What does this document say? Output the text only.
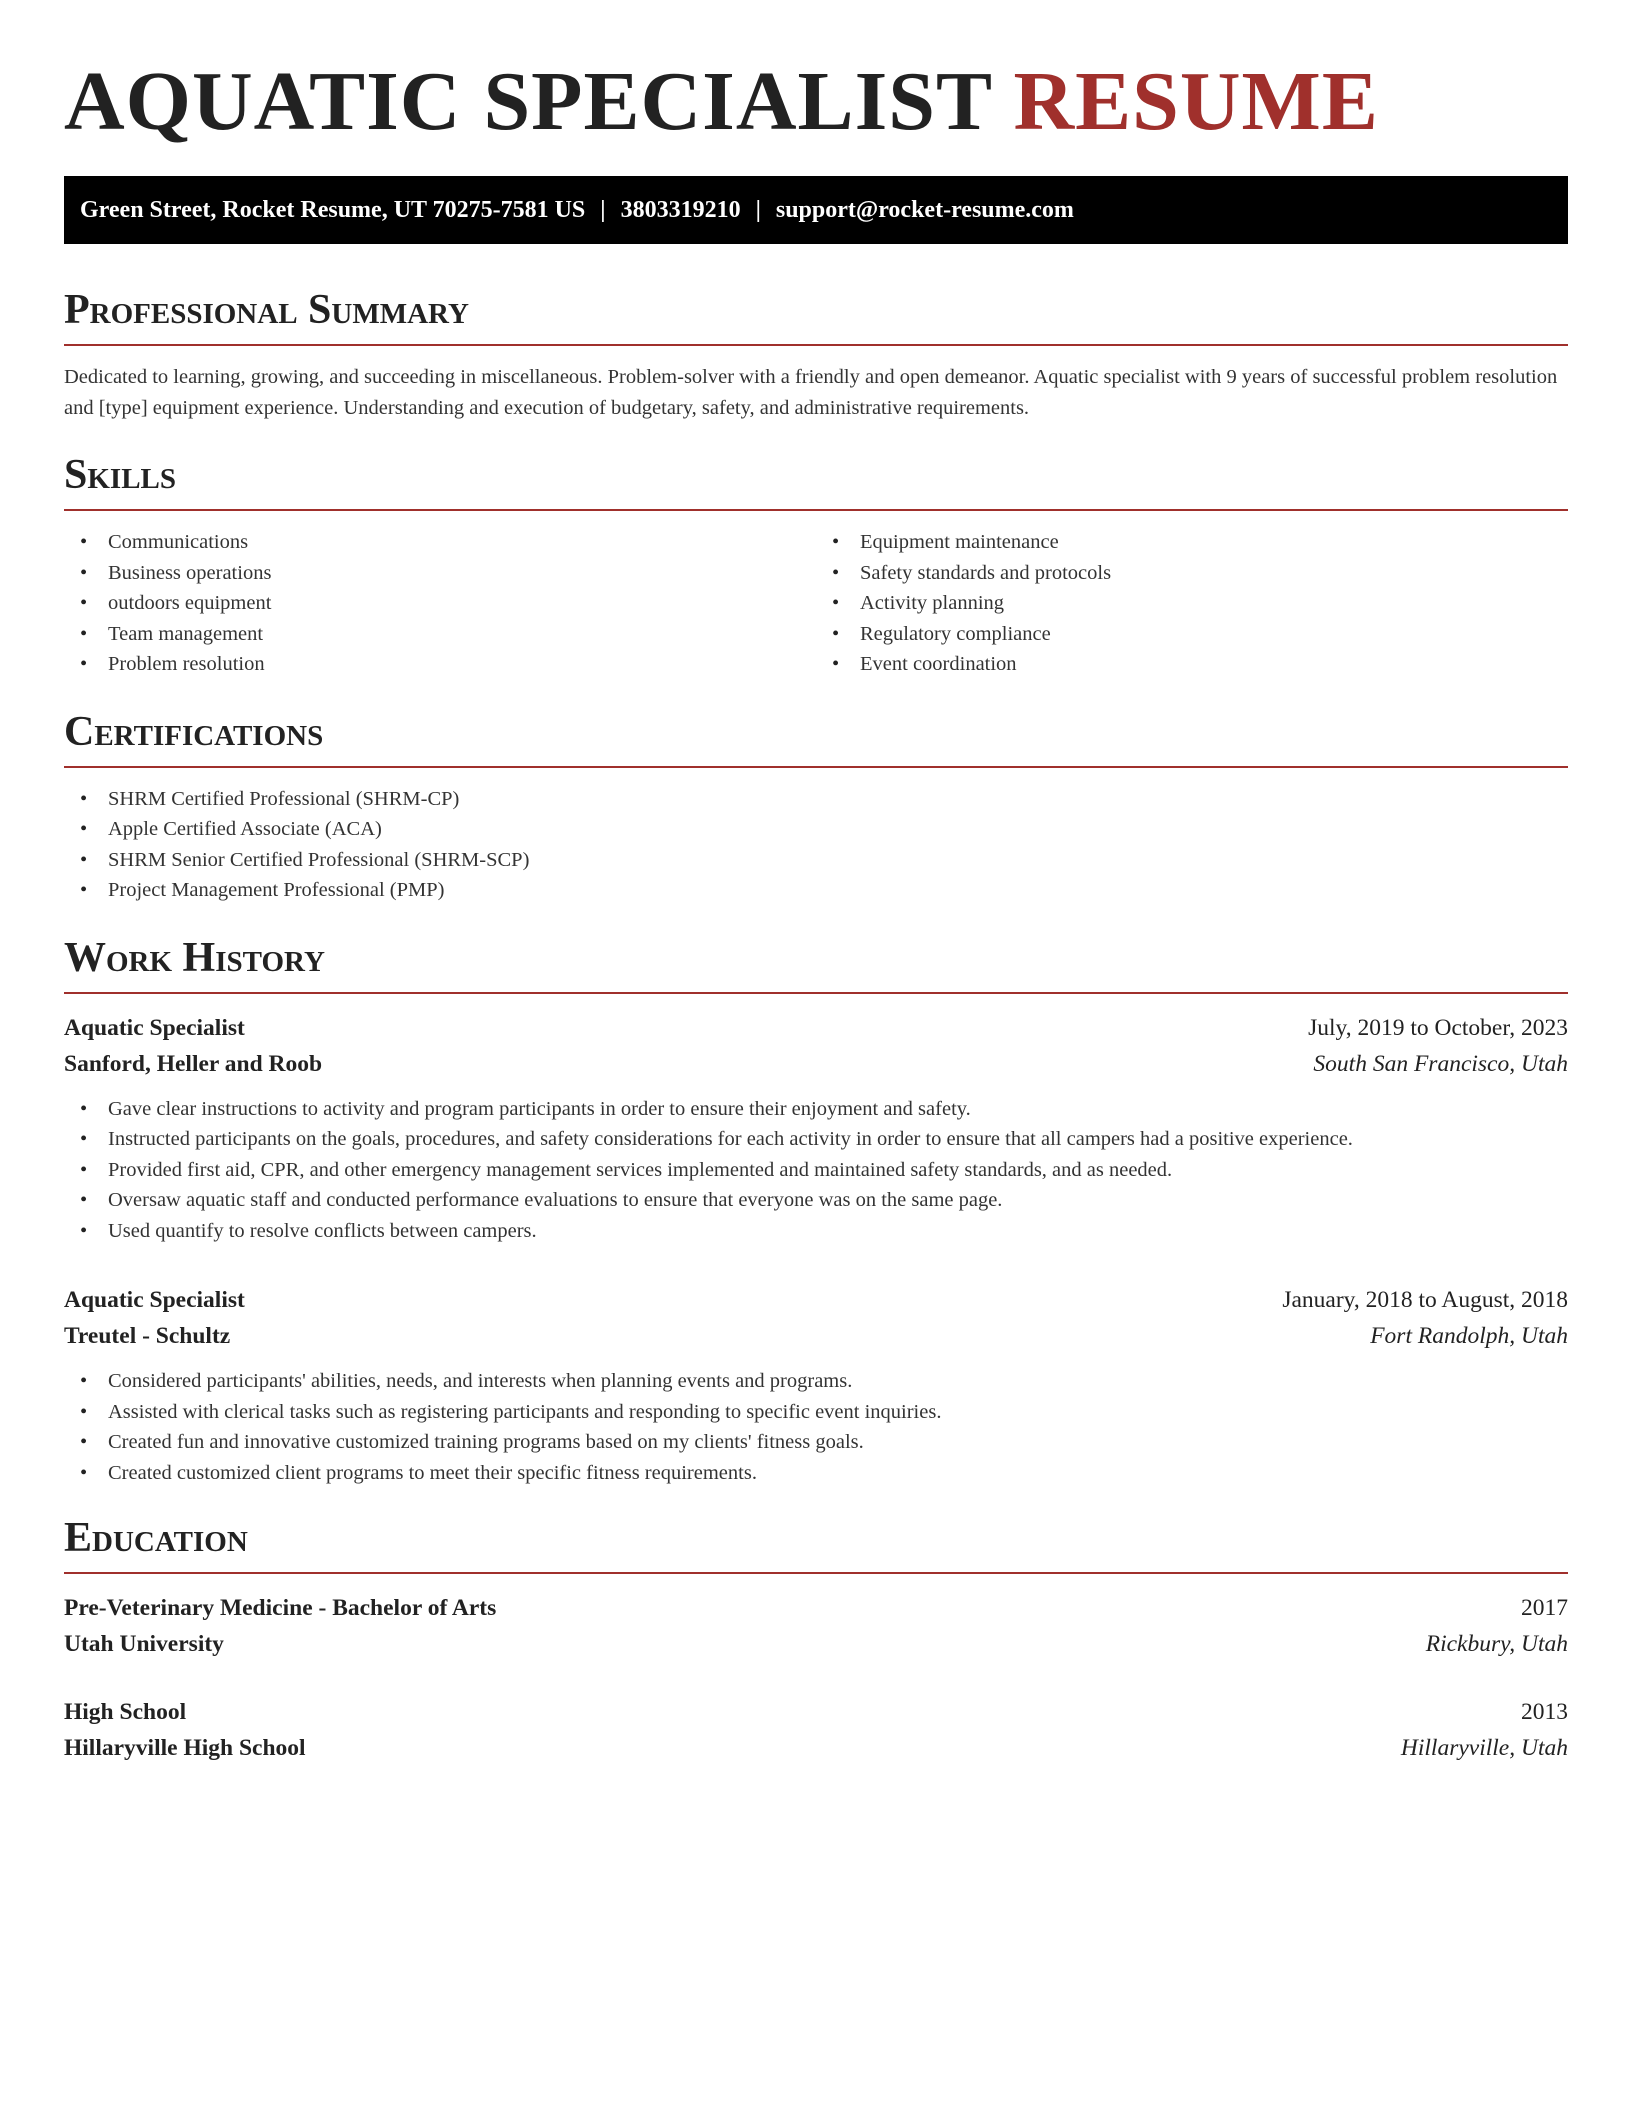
AQUATIC SPECIALIST RESUME
Green Street, Rocket Resume, UT 70275-7581 US | 3803319210 | support@rocket-resume.com
Professional Summary

Dedicated to learning, growing, and succeeding in miscellaneous. Problem-solver with a friendly and open demeanor. Aquatic specialist with 9 years of successful problem resolution and [type] equipment experience. Understanding and execution of budgetary, safety, and administrative requirements.

Skills
• Communications
• Business operations
• outdoors equipment
• Team management
• Problem resolution
• Equipment maintenance
• Safety standards and protocols
• Activity planning
• Regulatory compliance
• Event coordination
Certifications
• SHRM Certified Professional (SHRM-CP)
• Apple Certified Associate (ACA)
• SHRM Senior Certified Professional (SHRM-SCP)
• Project Management Professional (PMP)
Work History
Aquatic Specialist	July, 2019 to October, 2023
Sanford, Heller and Roob	South San Francisco, Utah
• Gave clear instructions to activity and program participants in order to ensure their enjoyment and safety.
• Instructed participants on the goals, procedures, and safety considerations for each activity in order to ensure that all campers had a positive experience.
• Provided first aid, CPR, and other emergency management services implemented and maintained safety standards, and as needed.
• Oversaw aquatic staff and conducted performance evaluations to ensure that everyone was on the same page.
• Used quantify to resolve conflicts between campers.
Aquatic Specialist	January, 2018 to August, 2018
Treutel - Schultz	Fort Randolph, Utah
• Considered participants' abilities, needs, and interests when planning events and programs.
• Assisted with clerical tasks such as registering participants and responding to specific event inquiries.
• Created fun and innovative customized training programs based on my clients' fitness goals.
• Created customized client programs to meet their specific fitness requirements.
Education
Pre-Veterinary Medicine - Bachelor of Arts	2017
Utah University	Rickbury, Utah
High School	2013
Hillaryville High School	Hillaryville, Utah
